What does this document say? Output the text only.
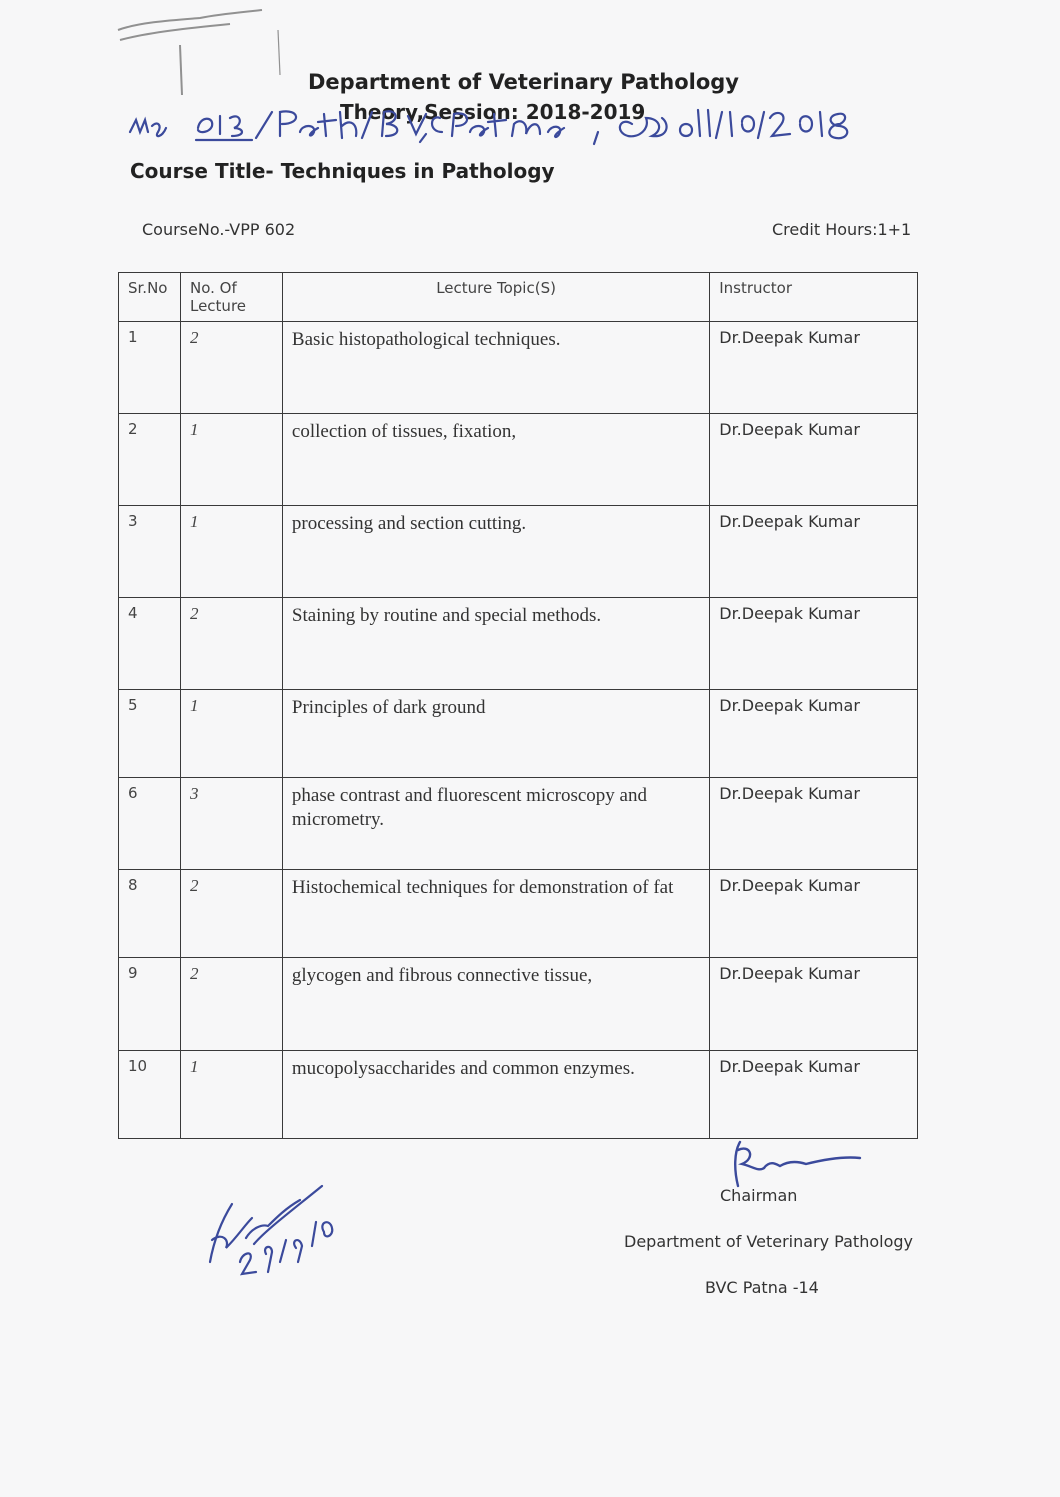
Department of Veterinary Pathology
Theory,Session: 2018-2019
Course Title- Techniques in Pathology
CourseNo.-VPP 602	Credit Hours:1+1
Sr.No	No. Of Lecture	Lecture Topic(S)	Instructor
1	2	Basic histopathological techniques.	Dr.Deepak Kumar
2	1	collection of tissues, fixation,	Dr.Deepak Kumar
3	1	processing and section cutting.	Dr.Deepak Kumar
4	2	Staining by routine and special methods.	Dr.Deepak Kumar
5	1	Principles of dark ground	Dr.Deepak Kumar
6	3	phase contrast and fluorescent microscopy and micrometry.	Dr.Deepak Kumar
8	2	Histochemical techniques for demonstration of fat	Dr.Deepak Kumar
9	2	glycogen and fibrous connective tissue,	Dr.Deepak Kumar
10	1	mucopolysaccharides and common enzymes.	Dr.Deepak Kumar
Chairman
Department of Veterinary Pathology
BVC Patna -14
